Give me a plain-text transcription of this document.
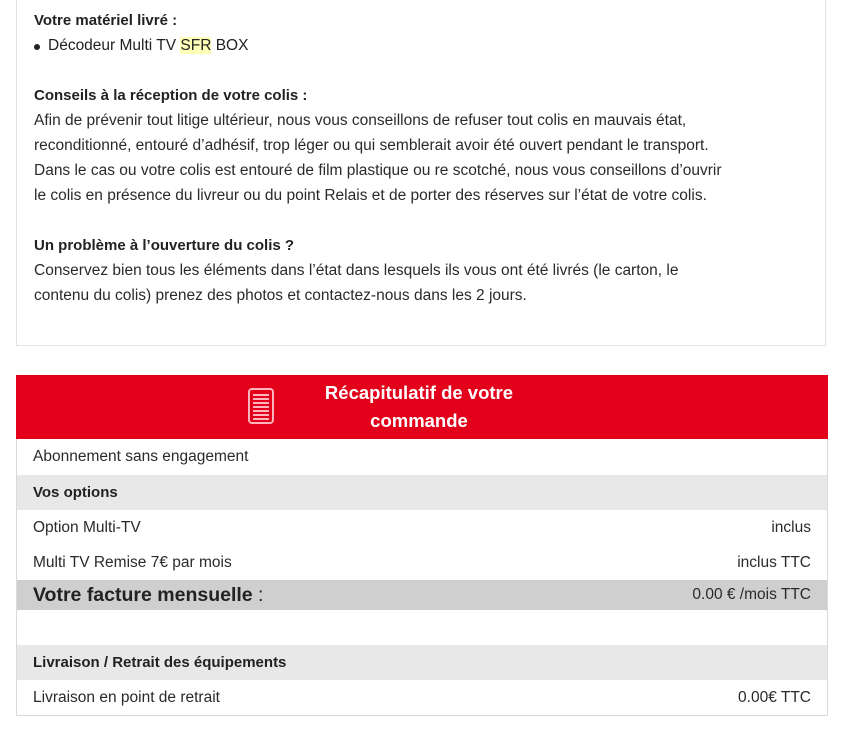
Votre matériel livré :

Décodeur Multi TV SFR BOX

Conseils à la réception de votre colis :

Afin de prévenir tout litige ultérieur, nous vous conseillons de refuser tout colis en mauvais état,

reconditionné, entouré d’adhésif, trop léger ou qui semblerait avoir été ouvert pendant le transport.

Dans le cas ou votre colis est entouré de film plastique ou re scotché, nous vous conseillons d’ouvrir

le colis en présence du livreur ou du point Relais et de porter des réserves sur l’état de votre colis.

Un problème à l’ouverture du colis ?

Conservez bien tous les éléments dans l’état dans lesquels ils vous ont été livrés (le carton, le

contenu du colis) prenez des photos et contactez-nous dans les 2 jours.

Récapitulatif de votre
commande
Abonnement sans engagement
Vos options
Option Multi-TV	inclus
Multi TV Remise 7€ par mois	inclus TTC
Votre facture mensuelle :	0.00 € /mois TTC
Livraison / Retrait des équipements
Livraison en point de retrait	0.00€ TTC
